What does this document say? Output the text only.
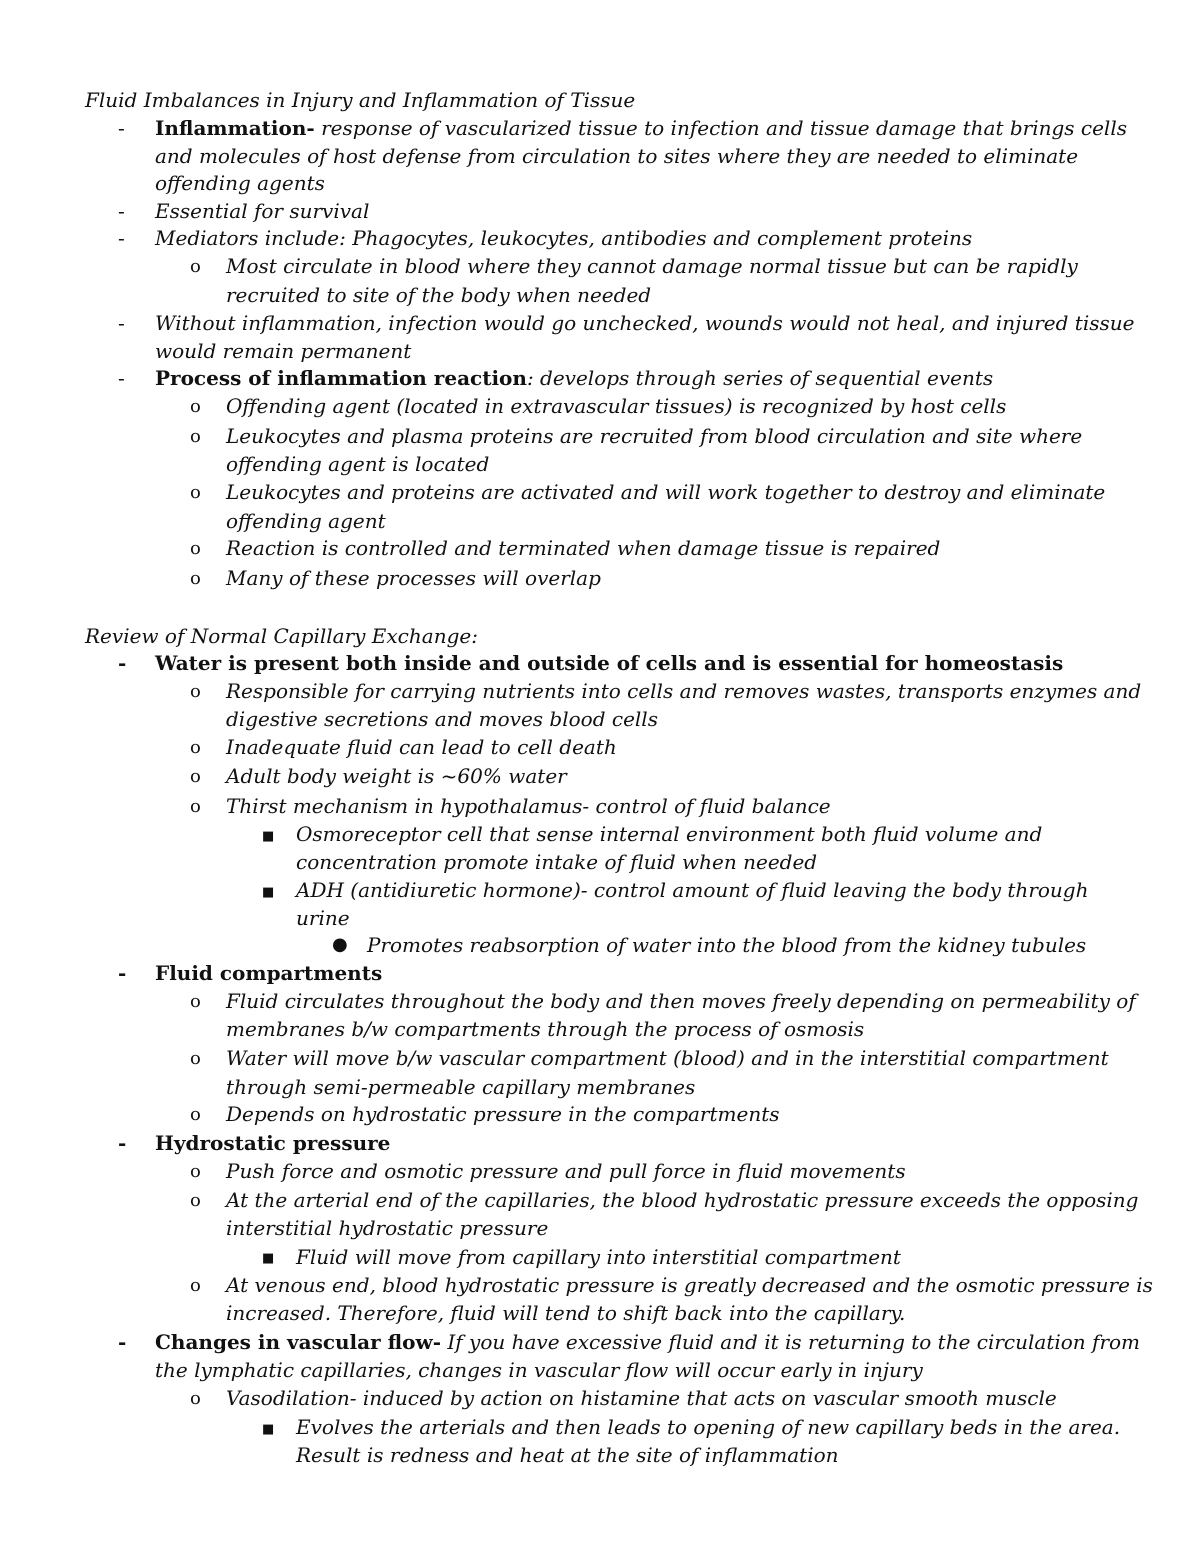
Fluid Imbalances in Injury and Inflammation of Tissue
- Inflammation- response of vascularized tissue to infection and tissue damage that brings cells
and molecules of host defense from circulation to sites where they are needed to eliminate
offending agents
- Essential for survival
- Mediators include: Phagocytes, leukocytes, antibodies and complement proteins
o Most circulate in blood where they cannot damage normal tissue but can be rapidly
recruited to site of the body when needed
- Without inflammation, infection would go unchecked, wounds would not heal, and injured tissue
would remain permanent
- Process of inflammation reaction: develops through series of sequential events
o Offending agent (located in extravascular tissues) is recognized by host cells
o Leukocytes and plasma proteins are recruited from blood circulation and site where
offending agent is located
o Leukocytes and proteins are activated and will work together to destroy and eliminate
offending agent
o Reaction is controlled and terminated when damage tissue is repaired
o Many of these processes will overlap
Review of Normal Capillary Exchange:
- Water is present both inside and outside of cells and is essential for homeostasis
o Responsible for carrying nutrients into cells and removes wastes, transports enzymes and
digestive secretions and moves blood cells
o Inadequate fluid can lead to cell death
o Adult body weight is ~60% water
o Thirst mechanism in hypothalamus- control of fluid balance
■ Osmoreceptor cell that sense internal environment both fluid volume and
concentration promote intake of fluid when needed
■ ADH (antidiuretic hormone)- control amount of fluid leaving the body through
urine
● Promotes reabsorption of water into the blood from the kidney tubules
- Fluid compartments
o Fluid circulates throughout the body and then moves freely depending on permeability of
membranes b/w compartments through the process of osmosis
o Water will move b/w vascular compartment (blood) and in the interstitial compartment
through semi-permeable capillary membranes
o Depends on hydrostatic pressure in the compartments
- Hydrostatic pressure
o Push force and osmotic pressure and pull force in fluid movements
o At the arterial end of the capillaries, the blood hydrostatic pressure exceeds the opposing
interstitial hydrostatic pressure
■ Fluid will move from capillary into interstitial compartment
o At venous end, blood hydrostatic pressure is greatly decreased and the osmotic pressure is
increased. Therefore, fluid will tend to shift back into the capillary.
- Changes in vascular flow- If you have excessive fluid and it is returning to the circulation from
the lymphatic capillaries, changes in vascular flow will occur early in injury
o Vasodilation- induced by action on histamine that acts on vascular smooth muscle
■ Evolves the arterials and then leads to opening of new capillary beds in the area.
Result is redness and heat at the site of inflammation
